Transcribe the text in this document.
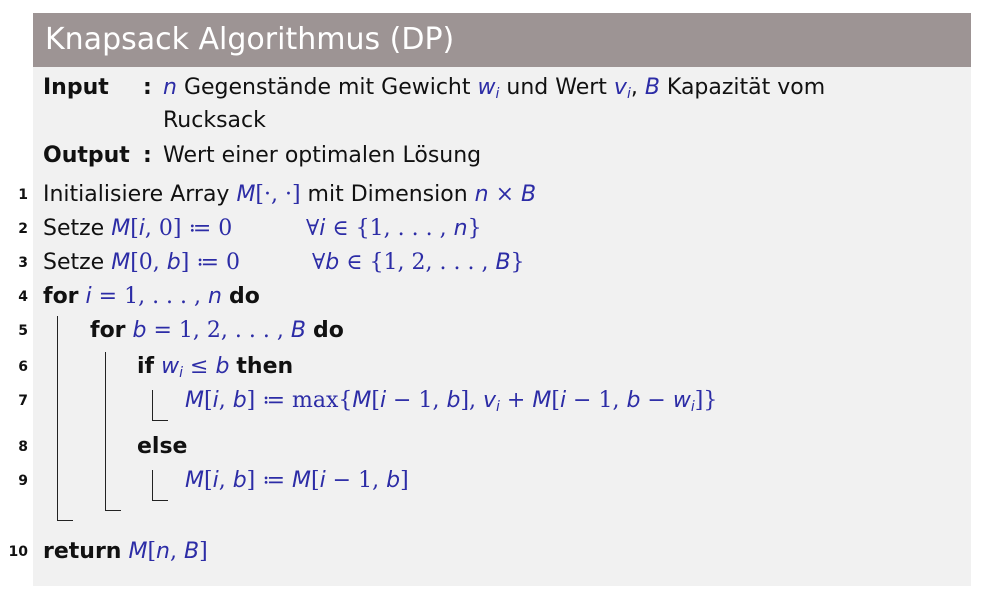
Knapsack Algorithmus (DP)
Input : n Gegenstände mit Gewicht $w_i$ und Wert $v_i$, B Kapazität vom
Rucksack
Output : Wert einer optimalen Lösung
1 Initialisiere Array M[·, ·] mit Dimension n × B
2 Setze M[i, 0] ≔ 0	∀i ∈ {1, . . . , n}
3 Setze M[0, b] ≔ 0	∀b ∈ {1, 2, . . . , B}
4 for i = 1, . . . , n do
5	for b = 1, 2, . . . , B do
6	if $w_i \le b$ then
7	M[i, b] ≔ max{M[i − 1, b], $v_i + M[i - 1$, $b - w_i$]}
8	else
9	M[i, b] ≔ M[i − 1, b]
10 return M[n, B]
